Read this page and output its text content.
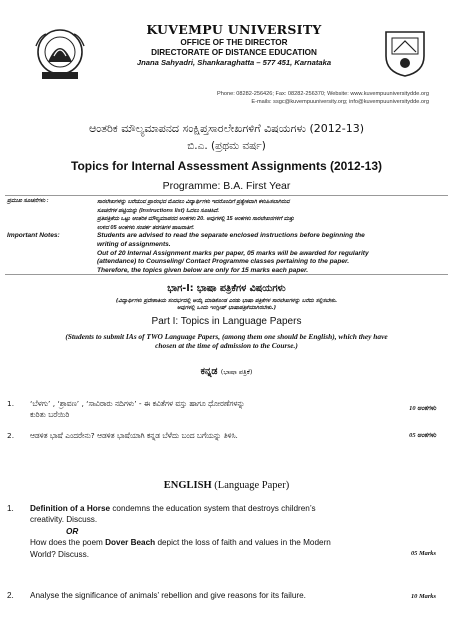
KUVEMPU UNIVERSITY
OFFICE OF THE DIRECTOR
DIRECTORATE OF DISTANCE EDUCATION
Jnana Sahyadri, Shankaraghatta – 577 451, Karnataka
Phone: 08282-256426; Fax: 08282-256370; Website: www.kuvempuuniversitydde.org
E-mails: ssgc@kuvempuuniversity.org; info@kuvempuuniversitydde.org
ಆಂತರಿಕ ಮೌಲ್ಯಮಾಪನದ ಸಂಕ್ಷಿಪ್ತಸಾರಲೇಖಗಳಿಗೆ ವಿಷಯಗಳು (2012-13)
ಬಿ.ಎ. (ಪ್ರಥಮ ವರ್ಷ)
Topics for Internal Assessment Assignments (2012-13)
Programme: B.A. First Year
ಪ್ರಮುಖ ಸೂಚನೆಗಳು :	ಸಾರಲೇಖಗಳನ್ನು ಬರೆಯುವ ಪ್ರಾರಂಭದ ಮೊದಲು ವಿದ್ಯಾರ್ಥಿಗಳು ಇದರೊಂದಿಗೆ ಪ್ರತ್ಯೇಕವಾಗಿ ಕಳುಹಿಸಲಾಗಿರುವ
ಸೂಚನೆಗಳ ಪಟ್ಟಿಯನ್ನು (Instructions list) ಓದಲು ಸೂಚಿಸಿದೆ.
ಪ್ರತಿಪತ್ರಿಕೆಯ ಒಟ್ಟು ಆಂತರಿಕ ಮೌಲ್ಯಮಾಪನದ ಅಂಕಗಳು 20. ಅವುಗಳಲ್ಲಿ 15 ಅಂಕಗಳು ಸಾರಲೇಖನಗಳಿಗೆ ಮತ್ತು
ಉಳಿದ 05 ಅಂಕಗಳು ಸಂಪರ್ಕ ತರಗತಿಗಳ ಹಾಜರಾತಿಗೆ.
Important Notes:	Students are advised to read the separate enclosed instructions before beginning the
writing of assignments.
Out of 20 Internal Assignment marks per paper, 05 marks will be awarded for regularity
(attendance) to Counseling/ Contact Programme classes pertaining to the paper.
Therefore, the topics given below are only for 15 marks each paper.
ಭಾಗ-I: ಭಾಷಾ ಪತ್ರಿಕೆಗಳ ವಿಷಯಗಳು
(ವಿದ್ಯಾರ್ಥಿಗಳು ಪ್ರವೇಶಾತಿಯ ಸಂದರ್ಭದಲ್ಲಿ ಆಯ್ಕೆ ಮಾಡಿಕೊಂಡ ಎರಡು ಭಾಷಾ ಪತ್ರಿಕೆಗಳ ಸಾರಲೇಖಗಳನ್ನು ಬರೆದು ಸಲ್ಲಿಸಬೇಕು.
ಅವುಗಳಲ್ಲಿ ಒಂದು ಇಂಗ್ಲೀಷ್ ಭಾಷಾಪತ್ರಿಕೆಯಾಗಿರಬೇಕು.)
Part I: Topics in Language Papers
(Students to submit IAs of TWO Language Papers, (among them one should be English), which they have
chosen at the time of admission to the Course.)
ಕನ್ನಡ (ಭಾಷಾ ಪತ್ರಿಕೆ)
1. ‘ಬೆಳಗು’ , ‘ಶ್ರಾವಣ’ , ‘ಸಾವಿರಾರು ನದಿಗಳು’ - ಈ ಕವಿತೆಗಳ ವಸ್ತು ಹಾಗೂ ಧೋರಣೆಗಳನ್ನು
ಕುರಿತು ಬರೆಯಿರಿ
10 ಅಂಕಗಳು
2. ಆಡಳಿತ ಭಾಷೆ ಎಂದರೇನು? ಆಡಳಿತ ಭಾಷೆಯಾಗಿ ಕನ್ನಡ ಬೆಳೆದು ಬಂದ ಬಗೆಯನ್ನು ತಿಳಿಸಿ.	05 ಅಂಕಗಳು
ENGLISH (Language Paper)
1. Definition of a Horse condemns the education system that destroys children’s
creativity. Discuss.
OR
How does the poem Dover Beach depict the loss of faith and values in the Modern
World? Discuss.	05 Marks
2. Analyse the significance of animals’ rebellion and give reasons for its failure.	10 Marks
